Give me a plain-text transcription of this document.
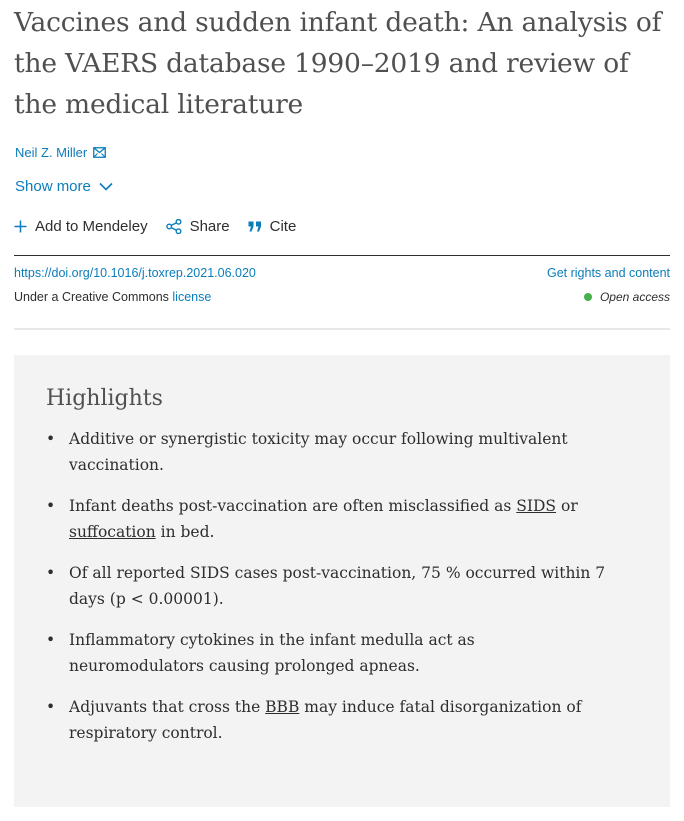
Vaccines and sudden infant death: An analysis of the VAERS database 1990–2019 and review of the medical literature
Neil Z. Miller
Show more
Add to Mendeley	Share	Cite
https://doi.org/10.1016/j.toxrep.2021.06.020	Get rights and content
Under a Creative Commons license	Open access
Highlights
• Additive or synergistic toxicity may occur following multivalent vaccination.
• Infant deaths post-vaccination are often misclassified as SIDS or suffocation in bed.
• Of all reported SIDS cases post-vaccination, 75 % occurred within 7 days (p < 0.00001).
• Inflammatory cytokines in the infant medulla act as neuromodulators causing prolonged apneas.
• Adjuvants that cross the BBB may induce fatal disorganization of respiratory control.
